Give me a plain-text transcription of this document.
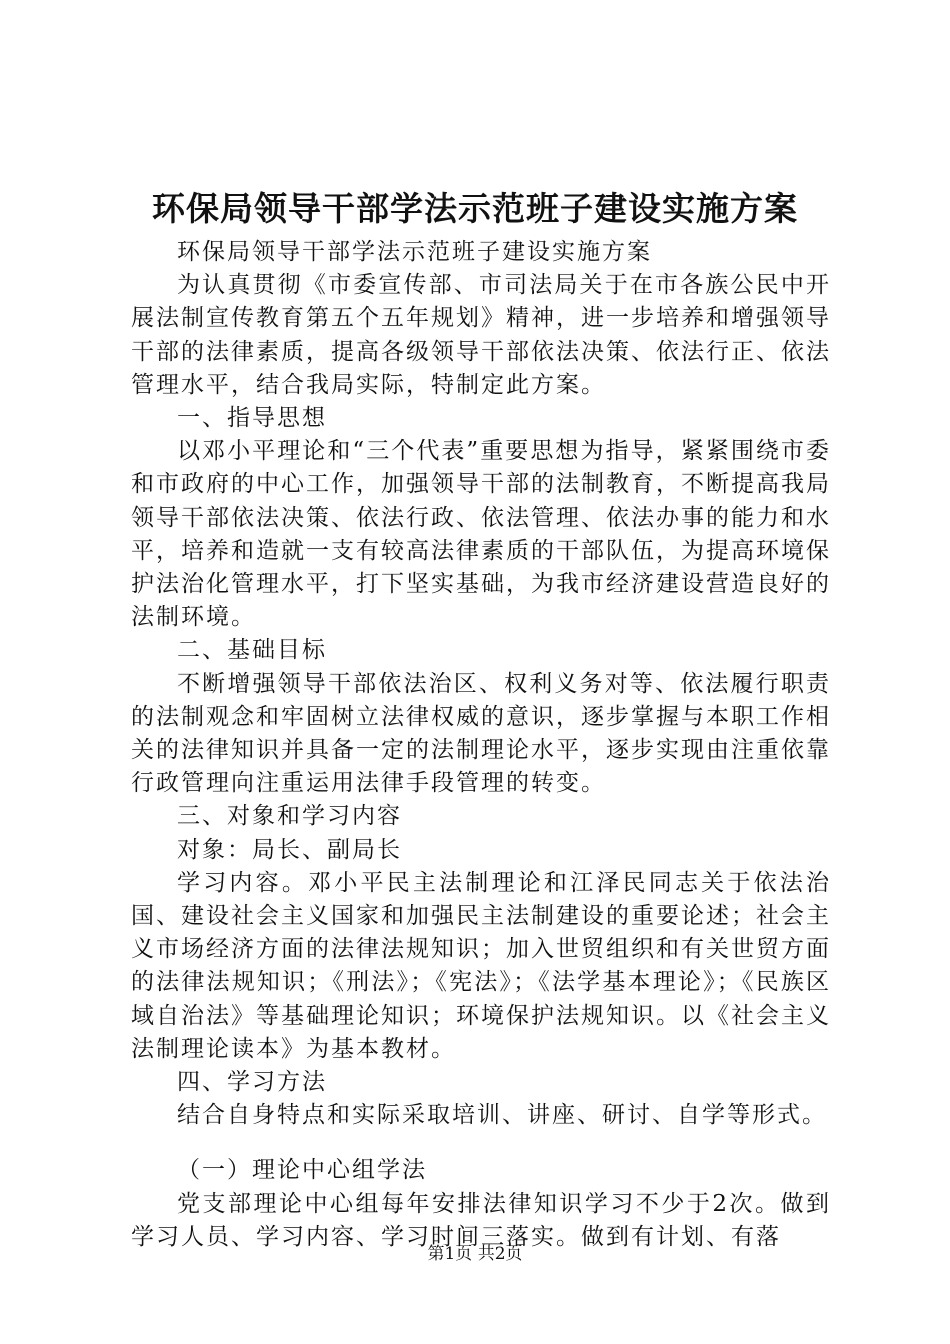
环保局领导干部学法示范班子建设实施方案

环保局领导干部学法示范班子建设实施方案

为认真贯彻《市委宣传部、市司法局关于在市各族公民中开展法制宣传教育第五个五年规划》精神，进一步培养和增强领导干部的法律素质，提高各级领导干部依法决策、依法行正、依法管理水平，结合我局实际，特制定此方案。

一、指导思想

以邓小平理论和“三个代表”重要思想为指导，紧紧围绕市委和市政府的中心工作，加强领导干部的法制教育，不断提高我局领导干部依法决策、依法行政、依法管理、依法办事的能力和水平，培养和造就一支有较高法律素质的干部队伍，为提高环境保护法治化管理水平，打下坚实基础，为我市经济建设营造良好的法制环境。

二、基础目标

不断增强领导干部依法治区、权利义务对等、依法履行职责的法制观念和牢固树立法律权威的意识，逐步掌握与本职工作相关的法律知识并具备一定的法制理论水平，逐步实现由注重依靠行政管理向注重运用法律手段管理的转变。

三、对象和学习内容

对象：局长、副局长

学习内容。邓小平民主法制理论和江泽民同志关于依法治国、建设社会主义国家和加强民主法制建设的重要论述；社会主义市场经济方面的法律法规知识；加入世贸组织和有关世贸方面的法律法规知识；《刑法》；《宪法》；《法学基本理论》；《民族区域自治法》等基础理论知识；环境保护法规知识。以《社会主义法制理论读本》为基本教材。

四、学习方法

结合自身特点和实际采取培训、讲座、研讨、自学等形式。

（一）理论中心组学法

党支部理论中心组每年安排法律知识学习不少于2次。做到学习人员、学习内容、学习时间三落实。做到有计划、有落

第1页 共2页
